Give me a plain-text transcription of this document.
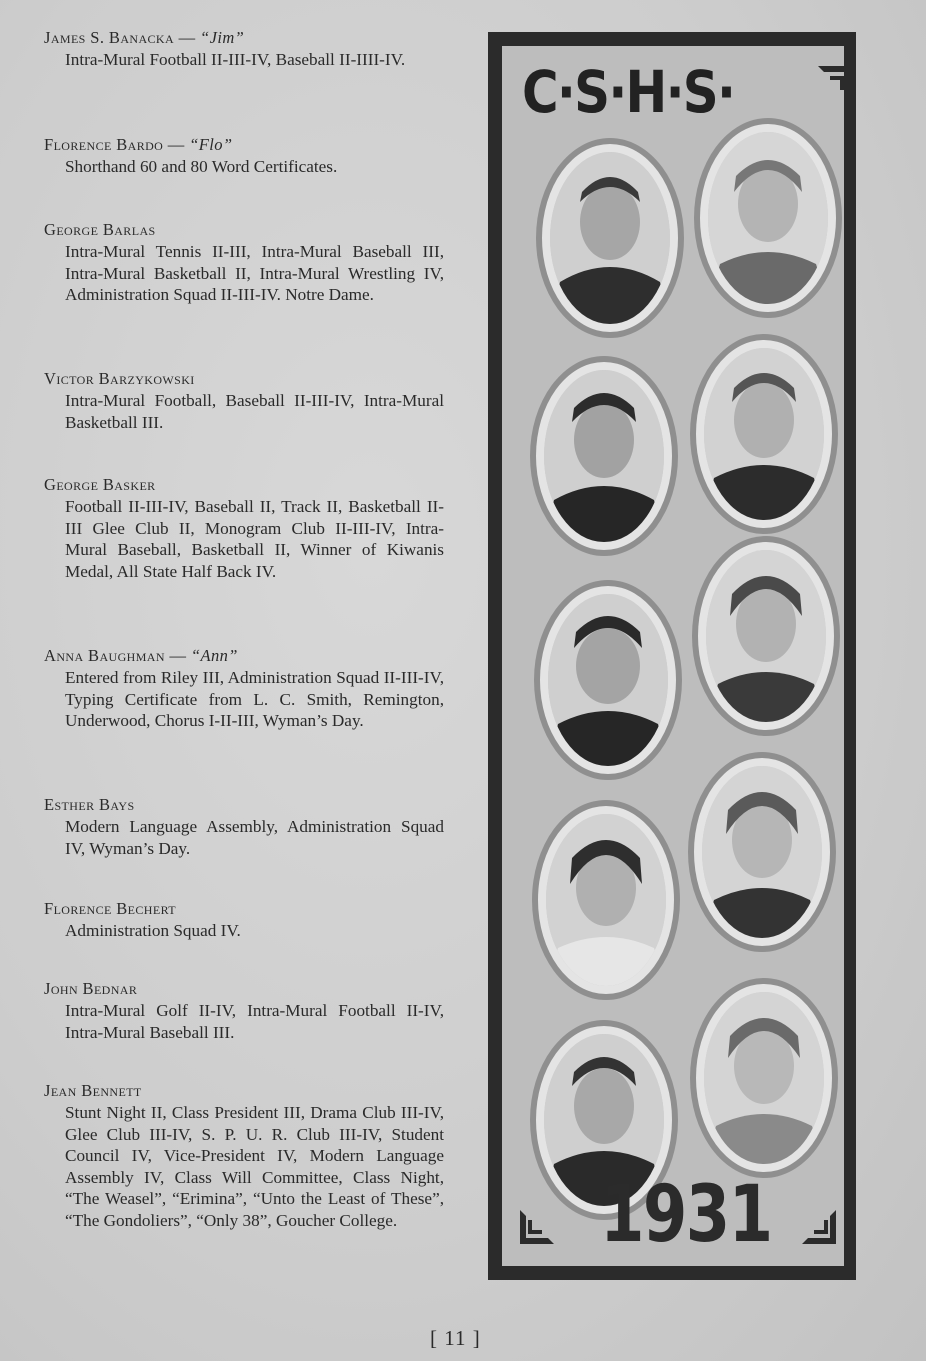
James S. Banacka — “Jim”
Intra-Mural Football II-III-IV, Baseball II-IIII-IV.
Florence Bardo — “Flo”
Shorthand 60 and 80 Word Certificates.
George Barlas
Intra-Mural Tennis II-III, Intra-Mural Baseball III, Intra-Mural Basketball II, Intra-Mural Wrestling IV, Administration Squad II-III-IV. Notre Dame.
Victor Barzykowski
Intra-Mural Football, Baseball II-III-IV, Intra-Mural Basketball III.
George Basker
Football II-III-IV, Baseball II, Track II, Basketball II-III Glee Club II, Monogram Club II-III-IV, Intra-Mural Baseball, Basketball II, Winner of Kiwanis Medal, All State Half Back IV.
Anna Baughman — “Ann”
Entered from Riley III, Administration Squad II-III-IV, Typing Certificate from L. C. Smith, Remington, Underwood, Chorus I-II-III, Wyman’s Day.
Esther Bays
Modern Language Assembly, Administration Squad IV, Wyman’s Day.
Florence Bechert
Administration Squad IV.
John Bednar
Intra-Mural Golf II-IV, Intra-Mural Football II-IV, Intra-Mural Baseball III.
Jean Bennett
Stunt Night II, Class President III, Drama Club III-IV, Glee Club III-IV, S. P. U. R. Club III-IV, Student Council IV, Vice-President IV, Modern Language Assembly IV, Class Will Committee, Class Night, “The Weasel”, “Erimina”, “Unto the Least of These”, “The Gondoliers”, “Only 38”, Goucher College.
C·S·H·S·
1931
[ 11 ]
